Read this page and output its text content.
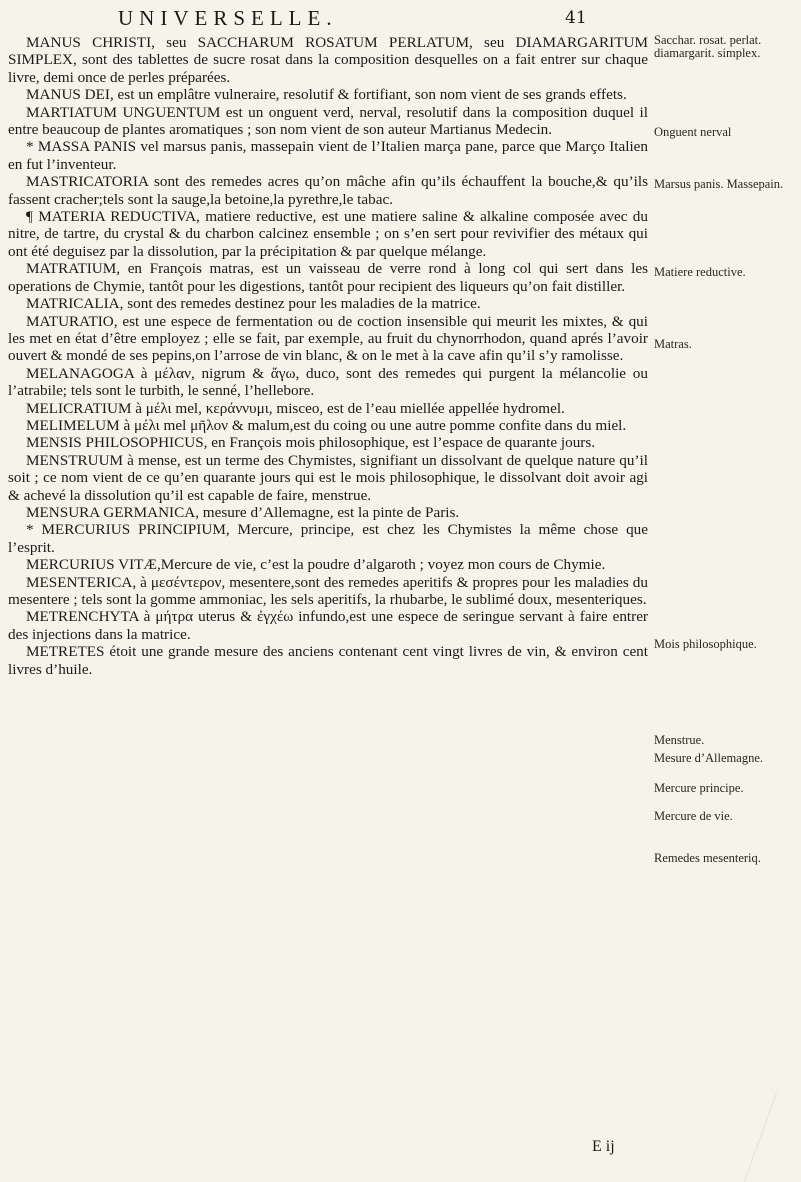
UNIVERSELLE.	41

MANUS CHRISTI, seu SACCHARUM ROSATUM PERLATUM, seu DIAMARGARITUM SIMPLEX, sont des tablettes de sucre rosat dans la composition desquelles on a fait entrer sur chaque livre, demi once de perles préparées.

MANUS DEI, est un emplâtre vulneraire, resolutif & fortifiant, son nom vient de ses grands effets.

MARTIATUM UNGUENTUM est un onguent verd, nerval, resolutif dans la composition duquel il entre beaucoup de plantes aromatiques ; son nom vient de son auteur Martianus Medecin.

* MASSA PANIS vel marsus panis, massepain vient de l’Italien marça pane, parce que Março Italien en fut l’inventeur.

MASTRICATORIA sont des remedes acres qu’on mâche afin qu’ils échauffent la bouche,& qu’ils fassent cracher;tels sont la sauge,la betoine,la pyrethre,le tabac.

¶ MATERIA REDUCTIVA, matiere reductive, est une matiere saline & alkaline composée avec du nitre, de tartre, du crystal & du charbon calcinez ensemble ; on s’en sert pour revivifier des métaux qui ont été deguisez par la dissolution, par la précipitation & par quelque mélange.

MATRATIUM, en François matras, est un vaisseau de verre rond à long col qui sert dans les operations de Chymie, tantôt pour les digestions, tantôt pour recipient des liqueurs qu’on fait distiller.

MATRICALIA, sont des remedes destinez pour les maladies de la matrice.

MATURATIO, est une espece de fermentation ou de coction insensible qui meurit les mixtes, & qui les met en état d’être employez ; elle se fait, par exemple, au fruit du chynorrhodon, quand aprés l’avoir ouvert & mondé de ses pepins,on l’arrose de vin blanc, & on le met à la cave afin qu’il s’y ramolisse.

MELANAGOGA à μέλαν, nigrum & ἄγω, duco, sont des remedes qui purgent la mélancolie ou l’atrabile; tels sont le turbith, le senné, l’hellebore.

MELICRATIUM à μέλι mel, κεράννυμι, misceo, est de l’eau miellée appellée hydromel.

MELIMELUM à μέλι mel μῆλον & malum,est du coing ou une autre pomme confite dans du miel.

MENSIS PHILOSOPHICUS, en François mois philosophique, est l’espace de quarante jours.

MENSTRUUM à mense, est un terme des Chymistes, signifiant un dissolvant de quelque nature qu’il soit ; ce nom vient de ce qu’en quarante jours qui est le mois philosophique, le dissolvant doit avoir agi & achevé la dissolution qu’il est capable de faire, menstrue.

MENSURA GERMANICA, mesure d’Allemagne, est la pinte de Paris.

* MERCURIUS PRINCIPIUM, Mercure, principe, est chez les Chymistes la même chose que l’esprit.

MERCURIUS VITÆ,Mercure de vie, c’est la poudre d’algaroth ; voyez mon cours de Chymie.

MESENTERICA, à μεσέντερον, mesentere,sont des remedes aperitifs & propres pour les maladies du mesentere ; tels sont la gomme ammoniac, les sels aperitifs, la rhubarbe, le sublimé doux, mesenteriques.

METRENCHYTA à μήτρα uterus & ἐγχέω infundo,est une espece de seringue servant à faire entrer des injections dans la matrice.

METRETES étoit une grande mesure des anciens contenant cent vingt livres de vin, & environ cent livres d’huile.

Sacchar. rosat. perlat. diamargarit. simplex.
Onguent nerval
Marsus panis. Massepain.
Matiere reductive.
Matras.
Mois philosophique.
Menstrue.
Mesure d’Allemagne.
Mercure principe.
Mercure de vie.
Remedes mesenteriq.
E ij
